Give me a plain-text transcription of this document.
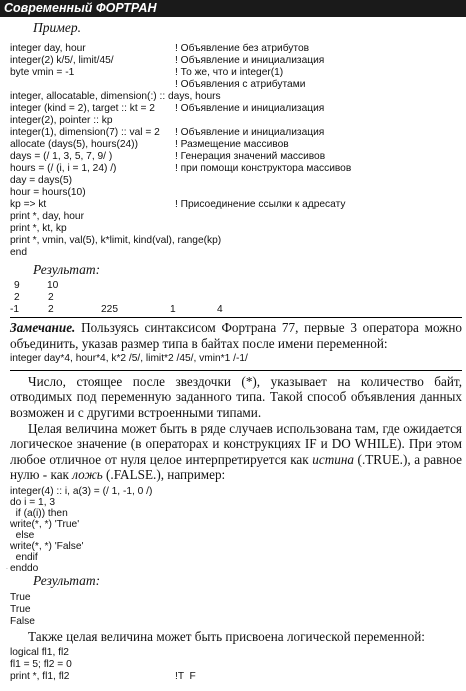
Современный ФОРТРАН
Пример.
integer day, hour	! Объявление без атрибутов
integer(2) k/5/, limit/45/	! Объявление и инициализация
byte vmin = -1	! То же, что и integer(1)
! Объявления с атрибутами
integer, allocatable, dimension(:) :: days, hours
integer (kind = 2), target :: kt = 2 ! Объявление и инициализация
integer(2), pointer :: kp
integer(1), dimension(7) :: val = 2 ! Объявление и инициализация
allocate (days(5), hours(24))	! Размещение массивов
days = (/ 1, 3, 5, 7, 9/ )	! Генерация значений массивов
hours = (/ (i, i = 1, 24) /)	! при помощи конструктора массивов
day = days(5)
hour = hours(10)
kp => kt	! Присоединение ссылки к адресату
print *, day, hour
print *, kt, kp
print *, vmin, val(5), k*limit, kind(val), range(kp)
end
Результат:
9	10
2	2
-1	2	225	1	4

Замечание. Пользуясь синтаксисом Фортрана 77, первые 3 оператора можно объединить, указав размер типа в байтах после имени переменной:

integer day*4, hour*4, k*2 /5/, limit*2 /45/, vmin*1 /-1/

Число, стоящее после звездочки (*), указывает на количество байт, отводимых под переменную заданного типа. Такой способ объявления данных возможен и с другими встроенными типами.

Целая величина может быть в ряде случаев использована там, где ожидается логическое значение (в операторах и конструкциях IF и DO WHILE). При этом любое отличное от нуля целое интерпретируется как истина (.TRUE.), а равное нулю - как ложь (.FALSE.), например:

integer(4) :: i, a(3) = (/ 1, -1, 0 /)
do i = 1, 3
if (a(i)) then
write(*, *) 'True'
else
write(*, *) 'False'
endif
enddo
·
Результат:
True
True
False

Также целая величина может быть присвоена логической переменной:

logical fl1, fl2
fl1 = 5; fl2 = 0
print *, fl1, fl2	!T  F
